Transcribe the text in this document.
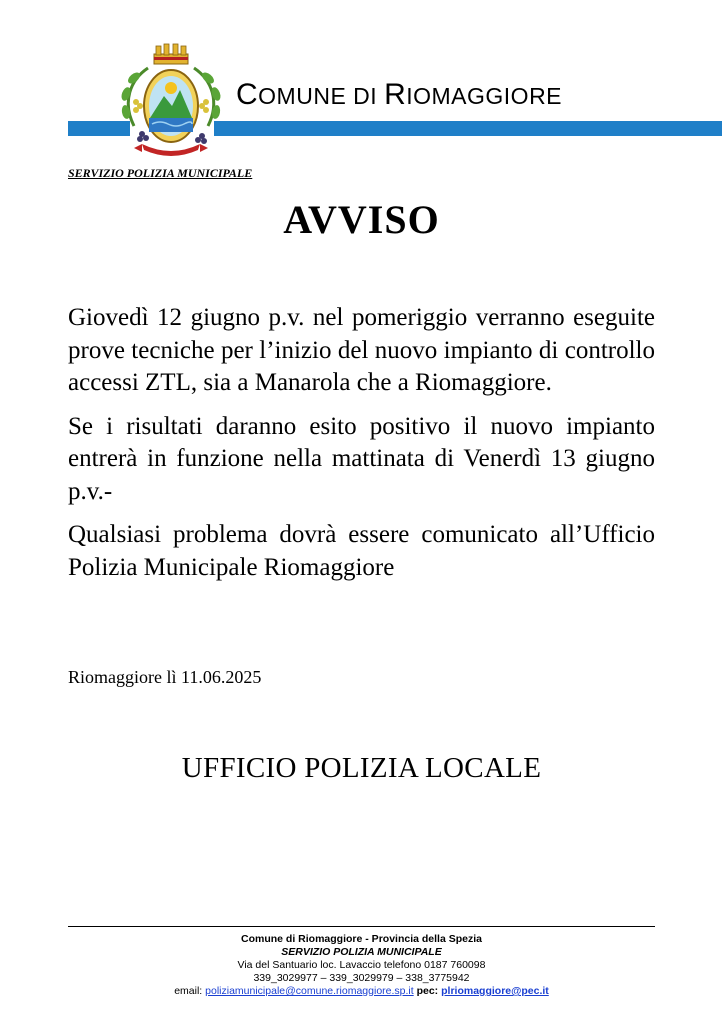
COMUNE DI RIOMAGGIORE
SERVIZIO POLIZIA MUNICIPALE
AVVISO

Giovedì 12 giugno p.v. nel pomeriggio verranno eseguite prove tecniche per l’inizio del nuovo impianto di controllo accessi ZTL, sia a Manarola che a Riomaggiore.

Se i risultati daranno esito positivo il nuovo impianto entrerà in funzione nella mattinata di Venerdì 13 giugno p.v.-

Qualsiasi problema dovrà essere comunicato all’Ufficio Polizia Municipale Riomaggiore

Riomaggiore lì 11.06.2025
UFFICIO POLIZIA LOCALE
Comune di Riomaggiore - Provincia della Spezia
SERVIZIO POLIZIA MUNICIPALE
Via del Santuario loc. Lavaccio telefono 0187 760098
339_3029977 – 339_3029979 – 338_3775942
email: poliziamunicipale@comune.riomaggiore.sp.it pec: plriomaggiore@pec.it
